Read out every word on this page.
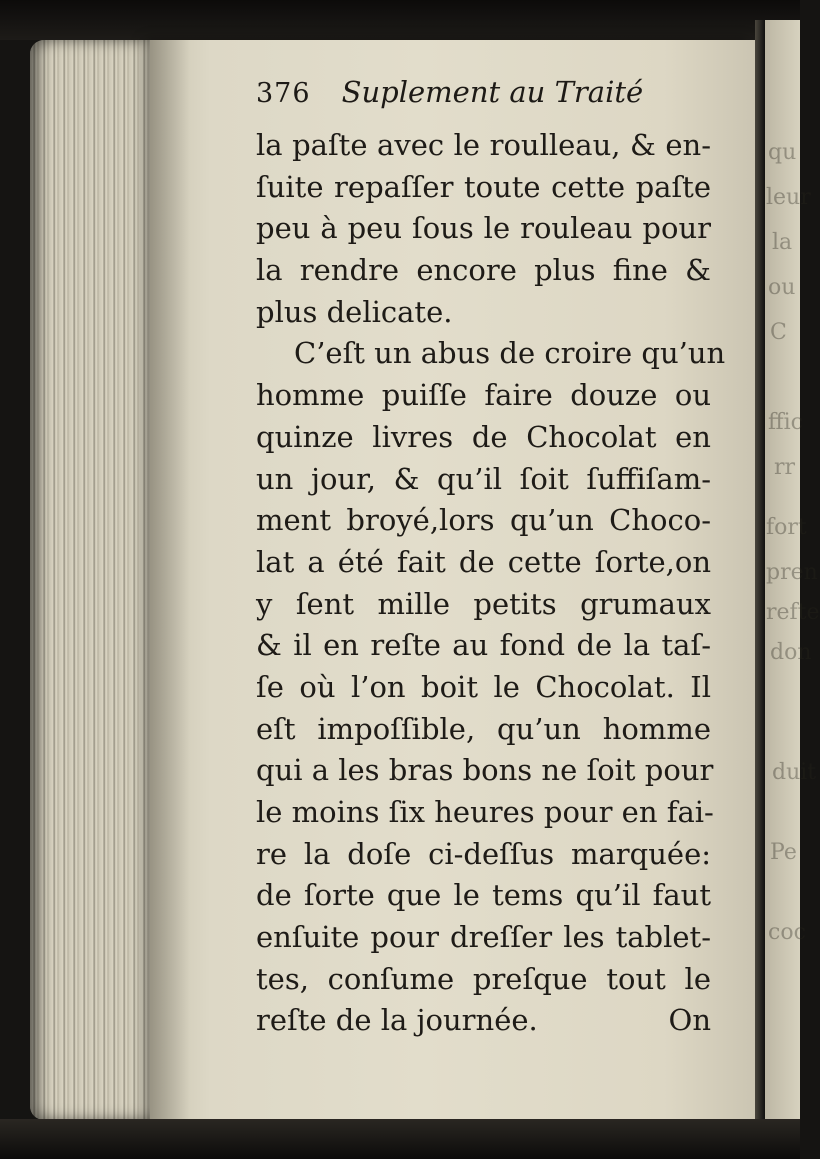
qu
leur
la
ou
C
ffic
rr
fort
pren
refte
don
duit
Pe
coc
376 Suplement au Traité
la paſte avec le roulleau, & en-
ſuite repaſſer toute cette paſte
peu à peu ſous le rouleau pour
la rendre encore plus fine &
plus delicate.
C’eſt un abus de croire qu’un
homme puiſſe faire douze ou
quinze livres de Chocolat en
un jour, & qu’il ſoit ſuffiſam-
ment broyé,lors qu’un Choco-
lat a été fait de cette ſorte,on
y ſent mille petits grumaux
& il en reſte au fond de la taſ-
ſe où l’on boit le Chocolat. Il
eſt impoſſible, qu’un homme
qui a les bras bons ne ſoit pour
le moins ſix heures pour en fai-
re la doſe ci-deſſus marquée:
de ſorte que le tems qu’il faut
enſuite pour dreſſer les tablet-
tes, conſume preſque tout le
reſte de la journée.	On
